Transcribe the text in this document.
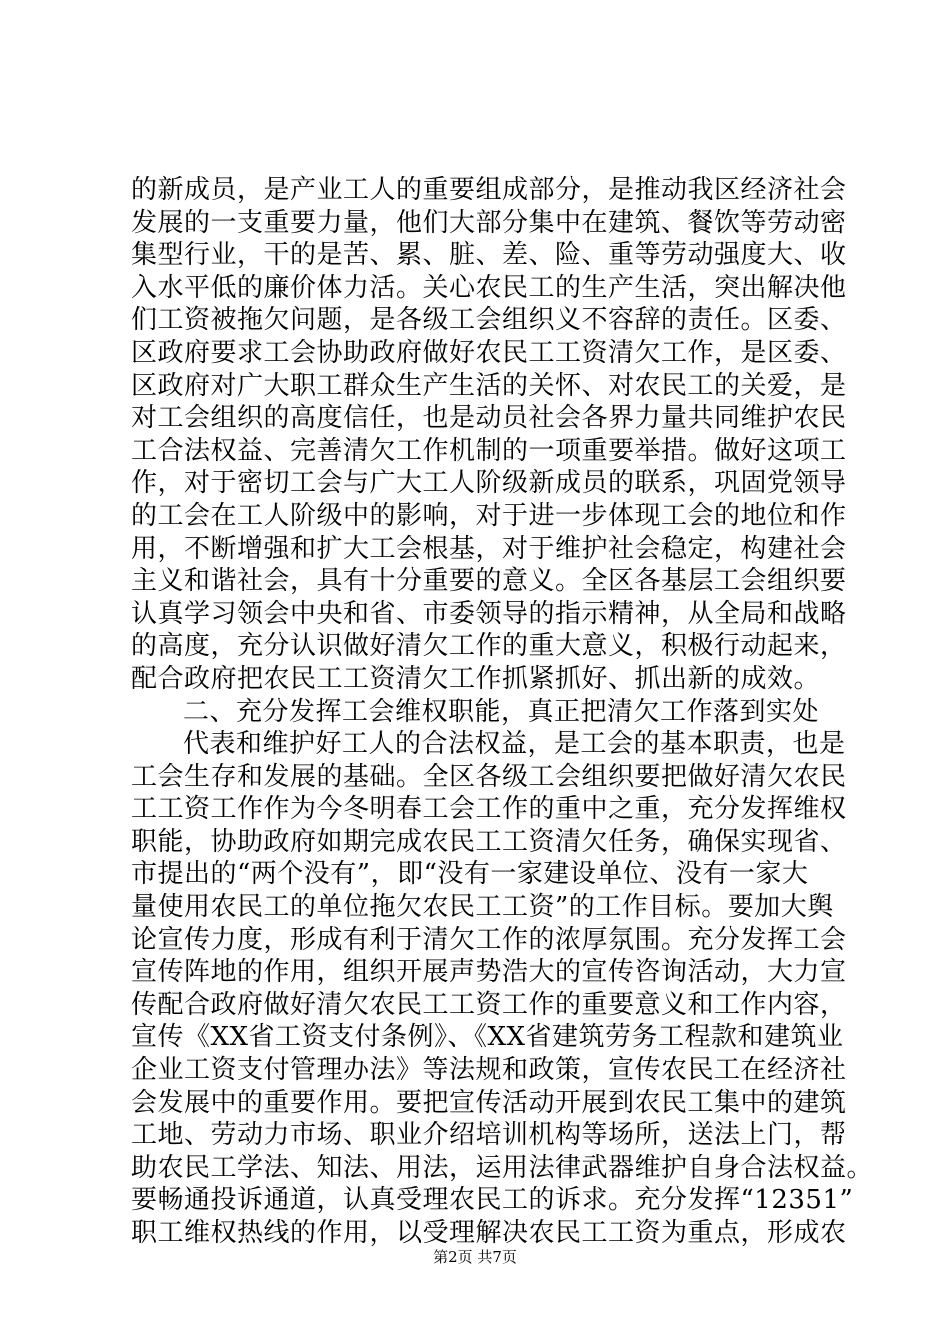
的新成员，是产业工人的重要组成部分，是推动我区经济社会
发展的一支重要力量，他们大部分集中在建筑、餐饮等劳动密
集型行业，干的是苦、累、脏、差、险、重等劳动强度大、收
入水平低的廉价体力活。关心农民工的生产生活，突出解决他
们工资被拖欠问题，是各级工会组织义不容辞的责任。区委、
区政府要求工会协助政府做好农民工工资清欠工作，是区委、
区政府对广大职工群众生产生活的关怀、对农民工的关爱，是
对工会组织的高度信任，也是动员社会各界力量共同维护农民
工合法权益、完善清欠工作机制的一项重要举措。做好这项工
作，对于密切工会与广大工人阶级新成员的联系，巩固党领导
的工会在工人阶级中的影响，对于进一步体现工会的地位和作
用，不断增强和扩大工会根基，对于维护社会稳定，构建社会
主义和谐社会，具有十分重要的意义。全区各基层工会组织要
认真学习领会中央和省、市委领导的指示精神，从全局和战略
的高度，充分认识做好清欠工作的重大意义，积极行动起来，
配合政府把农民工工资清欠工作抓紧抓好、抓出新的成效。
二、充分发挥工会维权职能，真正把清欠工作落到实处
代表和维护好工人的合法权益，是工会的基本职责，也是
工会生存和发展的基础。全区各级工会组织要把做好清欠农民
工工资工作作为今冬明春工会工作的重中之重，充分发挥维权
职能，协助政府如期完成农民工工资清欠任务，确保实现省、
市提出的“两个没有”，即“没有一家建设单位、没有一家大
量使用农民工的单位拖欠农民工工资”的工作目标。要加大舆
论宣传力度，形成有利于清欠工作的浓厚氛围。充分发挥工会
宣传阵地的作用，组织开展声势浩大的宣传咨询活动，大力宣
传配合政府做好清欠农民工工资工作的重要意义和工作内容，
宣传《XX省工资支付条例》、《XX省建筑劳务工程款和建筑业
企业工资支付管理办法》等法规和政策，宣传农民工在经济社
会发展中的重要作用。要把宣传活动开展到农民工集中的建筑
工地、劳动力市场、职业介绍培训机构等场所，送法上门，帮
助农民工学法、知法、用法，运用法律武器维护自身合法权益。
要畅通投诉通道，认真受理农民工的诉求。充分发挥“12351”
职工维权热线的作用，以受理解决农民工工资为重点，形成农
第2页 共7页
